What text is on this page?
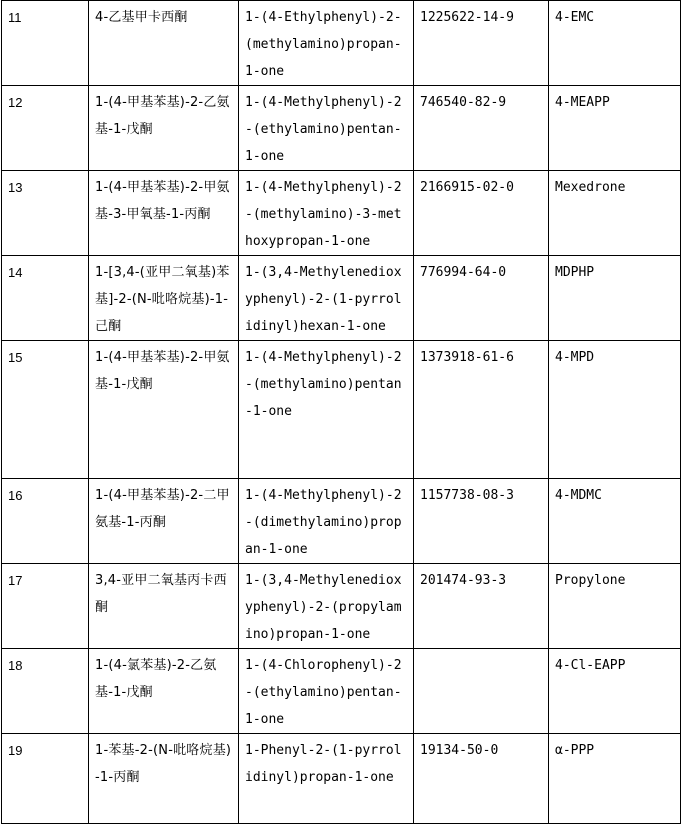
11	4-乙基甲卡西酮	1-(4-Ethylphenyl)-2-(methylamino)propan-1-one	1225622-14-9	4-EMC
12	1-(4-甲基苯基)-2-乙氨基-1-戊酮	1-(4-Methylphenyl)-2-(ethylamino)pentan-1-one	746540-82-9	4-MEAPP
13	1-(4-甲基苯基)-2-甲氨基-3-甲氧基-1-丙酮	1-(4-Methylphenyl)-2-(methylamino)-3-methoxypropan-1-one	2166915-02-0	Mexedrone
14	1-[3,4-(亚甲二氧基)苯基]-2-(N-吡咯烷基)-1-己酮	1-(3,4-Methylenedioxyphenyl)-2-(1-pyrrolidinyl)hexan-1-one	776994-64-0	MDPHP
15	1-(4-甲基苯基)-2-甲氨基-1-戊酮	1-(4-Methylphenyl)-2-(methylamino)pentan-1-one	1373918-61-6	4-MPD
16	1-(4-甲基苯基)-2-二甲氨基-1-丙酮	1-(4-Methylphenyl)-2-(dimethylamino)propan-1-one	1157738-08-3	4-MDMC
17	3,4-亚甲二氧基丙卡西酮	1-(3,4-Methylenedioxyphenyl)-2-(propylamino)propan-1-one	201474-93-3	Propylone
18	1-(4-氯苯基)-2-乙氨基-1-戊酮	1-(4-Chlorophenyl)-2-(ethylamino)pentan-1-one		4-Cl-EAPP
19	1-苯基-2-(N-吡咯烷基)-1-丙酮	1-Phenyl-2-(1-pyrrolidinyl)propan-1-one	19134-50-0	α-PPP
